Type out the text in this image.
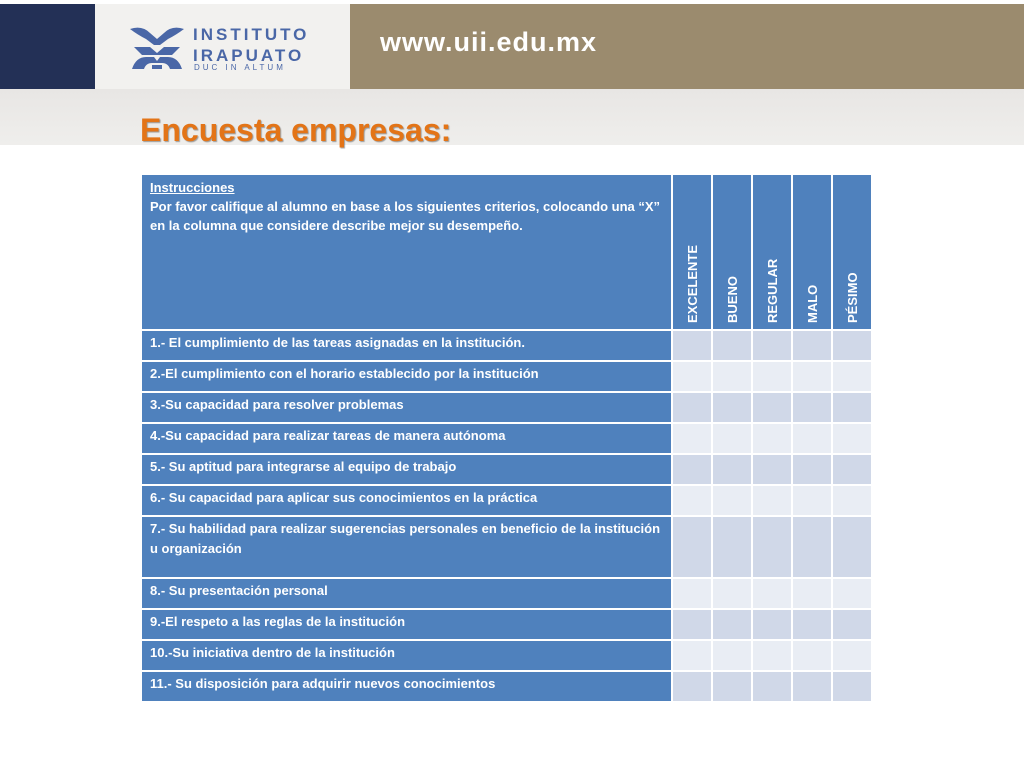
INSTITUTO
IRAPUATO
DUC IN ALTUM
www.uii.edu.mx
Encuesta empresas:
Instrucciones
Por favor califique al alumno en base a los siguientes criterios, colocando una “X” en la columna que considere describe mejor su desempeño.	EXCELENTE	BUENO	REGULAR	MALO	PÉSIMO

1.- El cumplimiento de las tareas asignadas en la institución.					
2.-El cumplimiento con el horario establecido por la institución					
3.-Su capacidad para resolver problemas					
4.-Su capacidad para realizar tareas de manera autónoma					
5.- Su aptitud para integrarse al equipo de trabajo					
6.- Su capacidad para aplicar sus conocimientos en la práctica					
7.- Su habilidad para realizar sugerencias personales en beneficio de la institución u organización					
8.- Su presentación personal					
9.-El respeto a las reglas de la institución					
10.-Su iniciativa dentro de la institución					
11.- Su disposición para adquirir nuevos conocimientos					
